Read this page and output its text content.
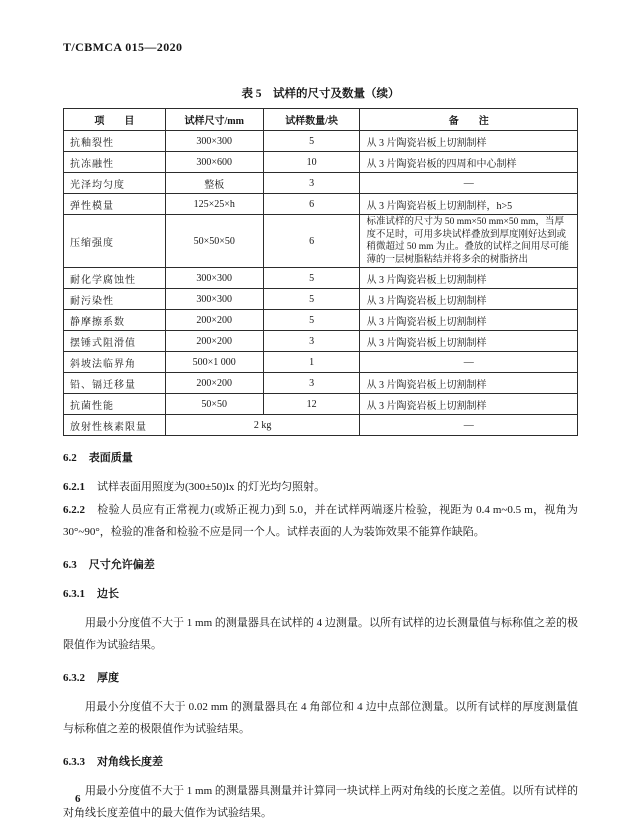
T/CBMCA 015—2020
表 5　试样的尺寸及数量（续）
项　　目	试样尺寸/mm	试样数量/块	备　　注
抗釉裂性	300×300	5	从 3 片陶瓷岩板上切割制样
抗冻融性	300×600	10	从 3 片陶瓷岩板的四周和中心制样
光泽均匀度	整板	3	—
弹性模量	125×25×h	6	从 3 片陶瓷岩板上切割制样，h>5
压缩强度	50×50×50	6	标准试样的尺寸为 50 mm×50 mm×50 mm，当厚度不足时，可用多块试样叠放到厚度刚好达到或稍微超过 50 mm 为止。叠放的试样之间用尽可能薄的一层树脂粘结并将多余的树脂挤出
耐化学腐蚀性	300×300	5	从 3 片陶瓷岩板上切割制样
耐污染性	300×300	5	从 3 片陶瓷岩板上切割制样
静摩擦系数	200×200	5	从 3 片陶瓷岩板上切割制样
摆锤式阻滑值	200×200	3	从 3 片陶瓷岩板上切割制样
斜坡法临界角	500×1 000	1	—
铅、镉迁移量	200×200	3	从 3 片陶瓷岩板上切割制样
抗菌性能	50×50	12	从 3 片陶瓷岩板上切割制样
放射性核素限量	2 kg		—
6.2 表面质量

6.2.1 试样表面用照度为(300±50)lx 的灯光均匀照射。

6.2.2 检验人员应有正常视力(或矫正视力)到 5.0，并在试样两端逐片检验，视距为 0.4 m~0.5 m，视角为 30°~90°，检验的准备和检验不应是同一个人。试样表面的人为装饰效果不能算作缺陷。

6.3 尺寸允许偏差
6.3.1 边长

用最小分度值不大于 1 mm 的测量器具在试样的 4 边测量。以所有试样的边长测量值与标称值之差的极限值作为试验结果。

6.3.2 厚度

用最小分度值不大于 0.02 mm 的测量器具在 4 角部位和 4 边中点部位测量。以所有试样的厚度测量值与标称值之差的极限值作为试验结果。

6.3.3 对角线长度差

用最小分度值不大于 1 mm 的测量器具测量并计算同一块试样上两对角线的长度之差值。以所有试样的对角线长度差值中的最大值作为试验结果。

6
